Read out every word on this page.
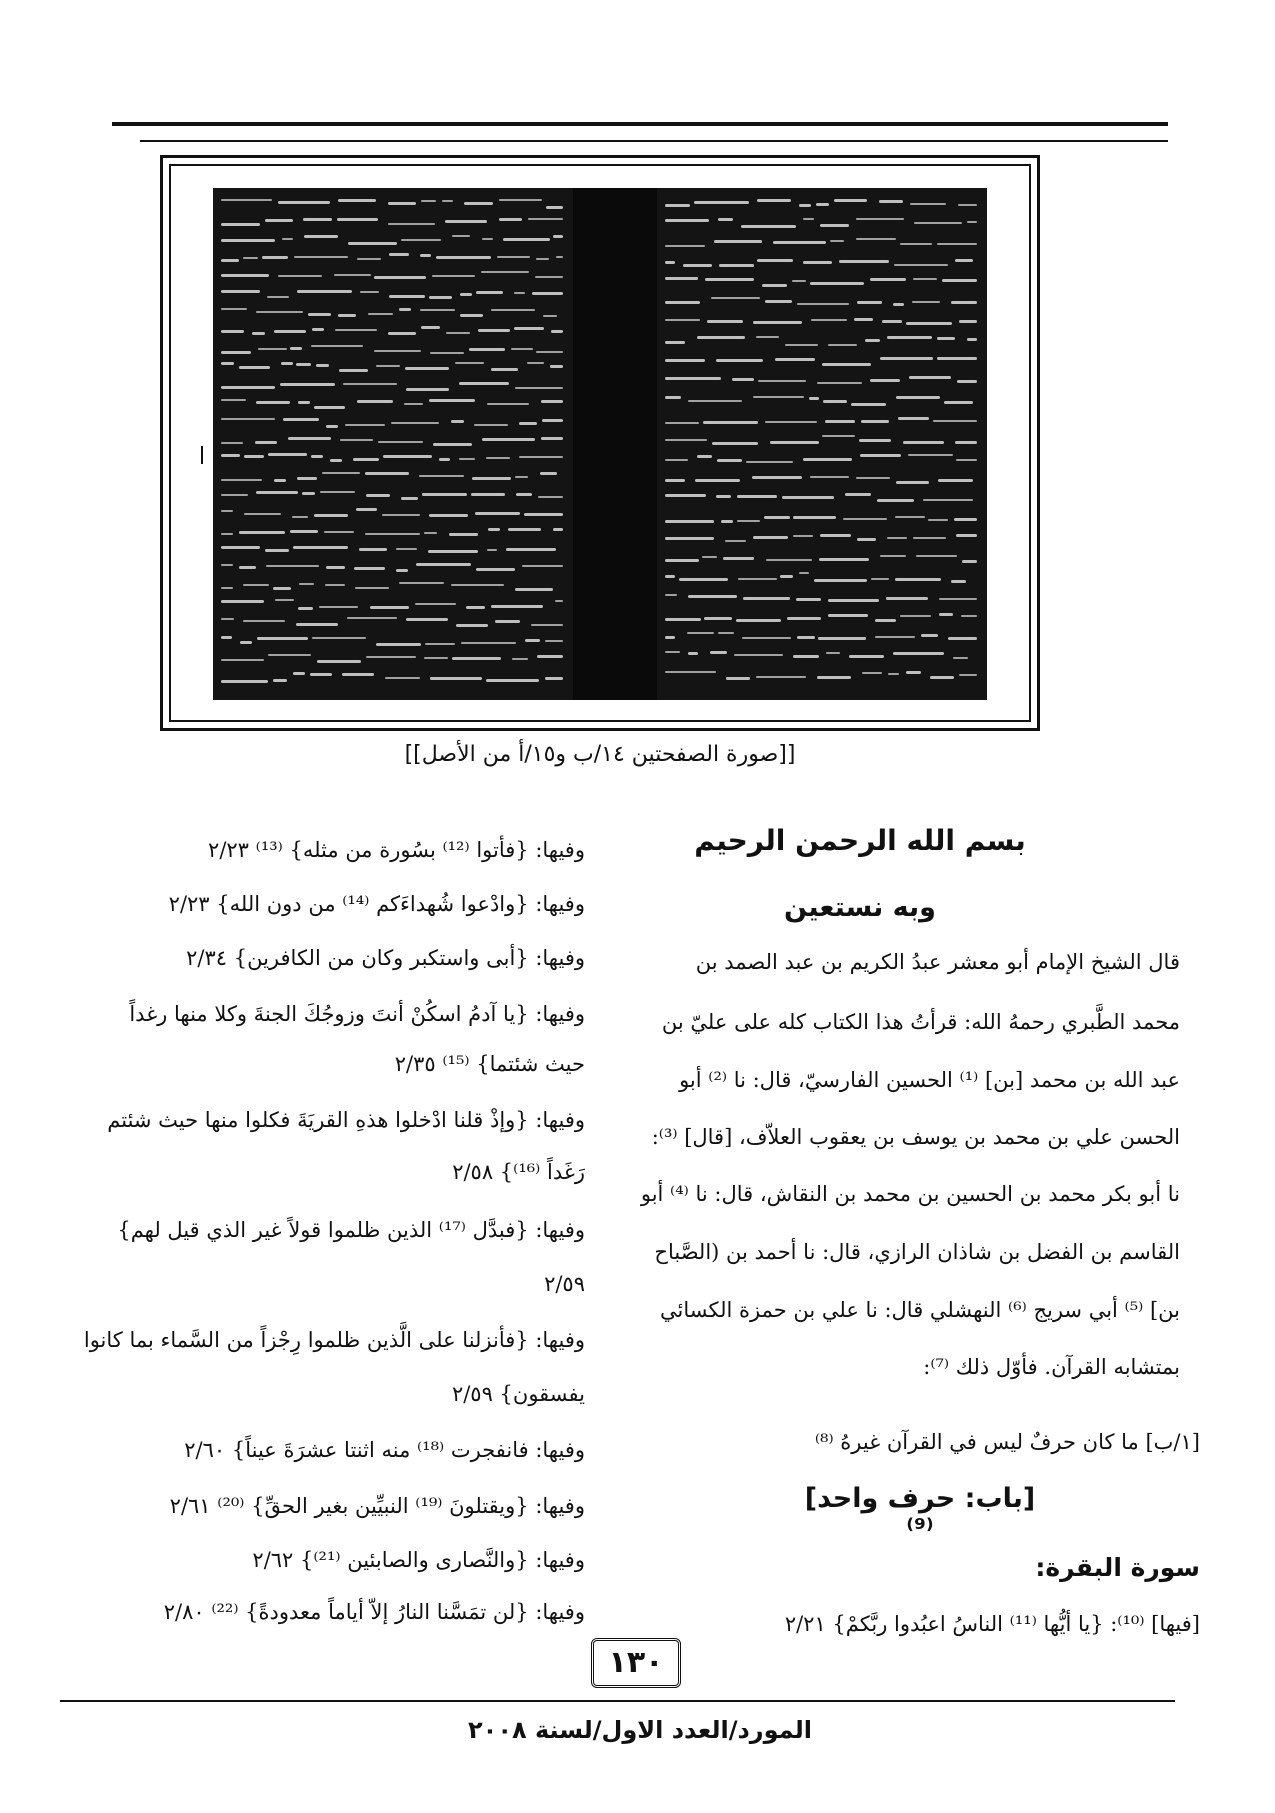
[[صورة الصفحتين ١٤/ب و١٥/أ من الأصل]]
بسم الله الرحمن الرحيم
وبه نستعين
قال الشيخ الإمام أبو معشر عبدُ الكريم بن عبد الصمد بن
محمد الطَّبري رحمهُ الله: قرأتُ هذا الكتاب كله على عليّ بن
عبد الله بن محمد [بن] ⁽¹⁾ الحسين الفارسيّ، قال: نا ⁽²⁾ أبو
الحسن علي بن محمد بن يوسف بن يعقوب العلاّف، [قال] ⁽³⁾:
نا أبو بكر محمد بن الحسين بن محمد بن النقاش، قال: نا ⁽⁴⁾ أبو
القاسم بن الفضل بن شاذان الرازي، قال: نا أحمد بن (الصَّباح
بن] ⁽⁵⁾ أبي سريج ⁽⁶⁾ النهشلي قال: نا علي بن حمزة الكسائي
بمتشابه القرآن. فأوّل ذلك ⁽⁷⁾:
[١/ب] ما كان حرفٌ ليس في القرآن غيرهُ ⁽⁸⁾
[باب: حرف واحد] ⁽⁹⁾
سورة البقرة:
[فيها] ⁽¹⁰⁾: {يا أيُّها ⁽¹¹⁾ الناسُ اعبُدوا ربَّكمْ} ٢/٢١
وفيها: {فأتوا ⁽¹²⁾ بسُورة من مثله} ⁽¹³⁾ ٢/٢٣
وفيها: {وادْعوا شُهداءَكم ⁽¹⁴⁾ من دون الله} ٢/٢٣
وفيها: {أبى واستكبر وكان من الكافرين} ٢/٣٤
وفيها: {يا آدمُ اسكُنْ أنتَ وزوجُكَ الجنةَ وكلا منها رغداً
حيث شئتما} ⁽¹⁵⁾ ٢/٣٥
وفيها: {وإذْ قلنا ادْخلوا هذهِ القريَةَ فكلوا منها حيث شئتم
رَغَداً ⁽¹⁶⁾} ٢/٥٨
وفيها: {فبدَّل ⁽¹⁷⁾ الذين ظلموا قولاً غير الذي قيل لهم}
٢/٥٩
وفيها: {فأنزلنا على الَّذين ظلموا رِجْزاً من السَّماء بما كانوا
يفسقون} ٢/٥٩
وفيها: فانفجرت ⁽¹⁸⁾ منه اثنتا عشرَةَ عيناً} ٢/٦٠
وفيها: {ويقتلونَ ⁽¹⁹⁾ النبيِّين بغير الحقِّ} ⁽²⁰⁾ ٢/٦١
وفيها: {والنَّصارى والصابئين ⁽²¹⁾} ٢/٦٢
وفيها: {لن تمَسَّنا النارُ إلاّ أياماً معدودةً} ⁽²²⁾ ٢/٨٠
١٣٠
المورد/العدد الاول/لسنة ٢٠٠٨
